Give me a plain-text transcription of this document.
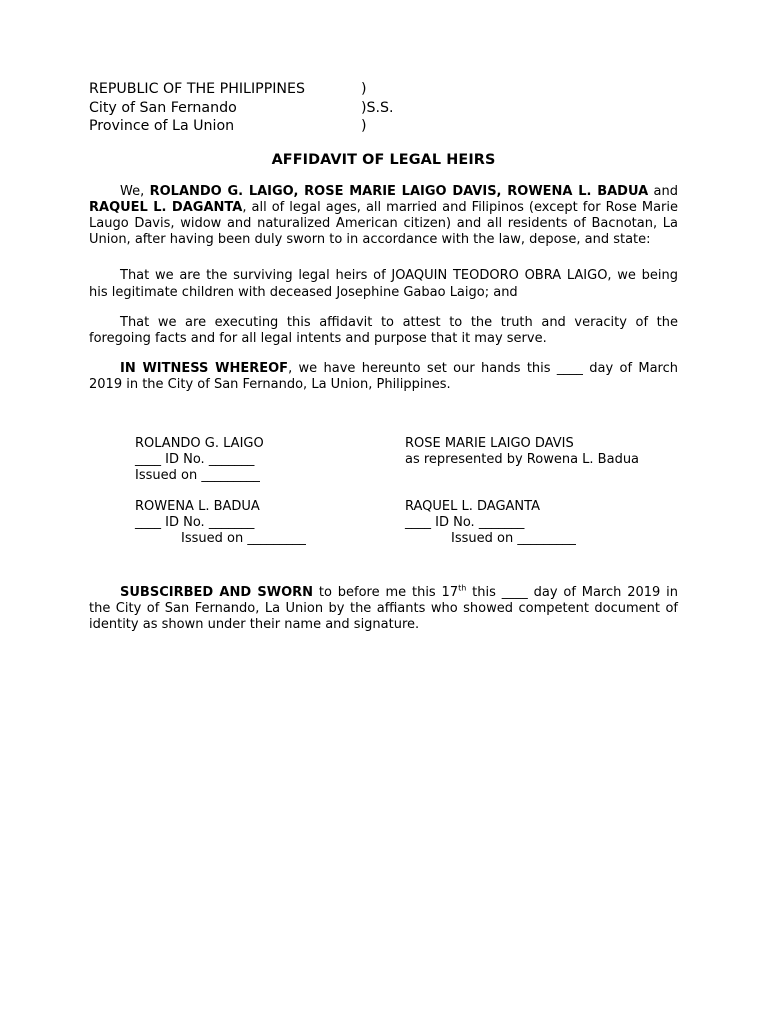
REPUBLIC OF THE PHILIPPINES	)
City of San Fernando	)S.S.
Province of La Union	)
AFFIDAVIT OF LEGAL HEIRS

We, ROLANDO G. LAIGO, ROSE MARIE LAIGO DAVIS, ROWENA L. BADUA and RAQUEL L. DAGANTA, all of legal ages, all married and Filipinos (except for Rose Marie Laugo Davis, widow and naturalized American citizen) and all residents of Bacnotan, La Union, after having been duly sworn to in accordance with the law, depose, and state:

That we are the surviving legal heirs of JOAQUIN TEODORO OBRA LAIGO, we being his legitimate children with deceased Josephine Gabao Laigo; and

That we are executing this affidavit to attest to the truth and veracity of the foregoing facts and for all legal intents and purpose that it may serve.

IN WITNESS WHEREOF, we have hereunto set our hands this ____ day of March 2019 in the City of San Fernando, La Union, Philippines.

ROLANDO G. LAIGO
____ ID No. _______
Issued on _________
ROSE MARIE LAIGO DAVIS
as represented by Rowena L. Badua
ROWENA L. BADUA
____ ID No. _______
Issued on _________
RAQUEL L. DAGANTA
____ ID No. _______
Issued on _________

SUBSCIRBED AND SWORN to before me this 17th this ____ day of March 2019 in the City of San Fernando, La Union by the affiants who showed competent document of identity as shown under their name and signature.
